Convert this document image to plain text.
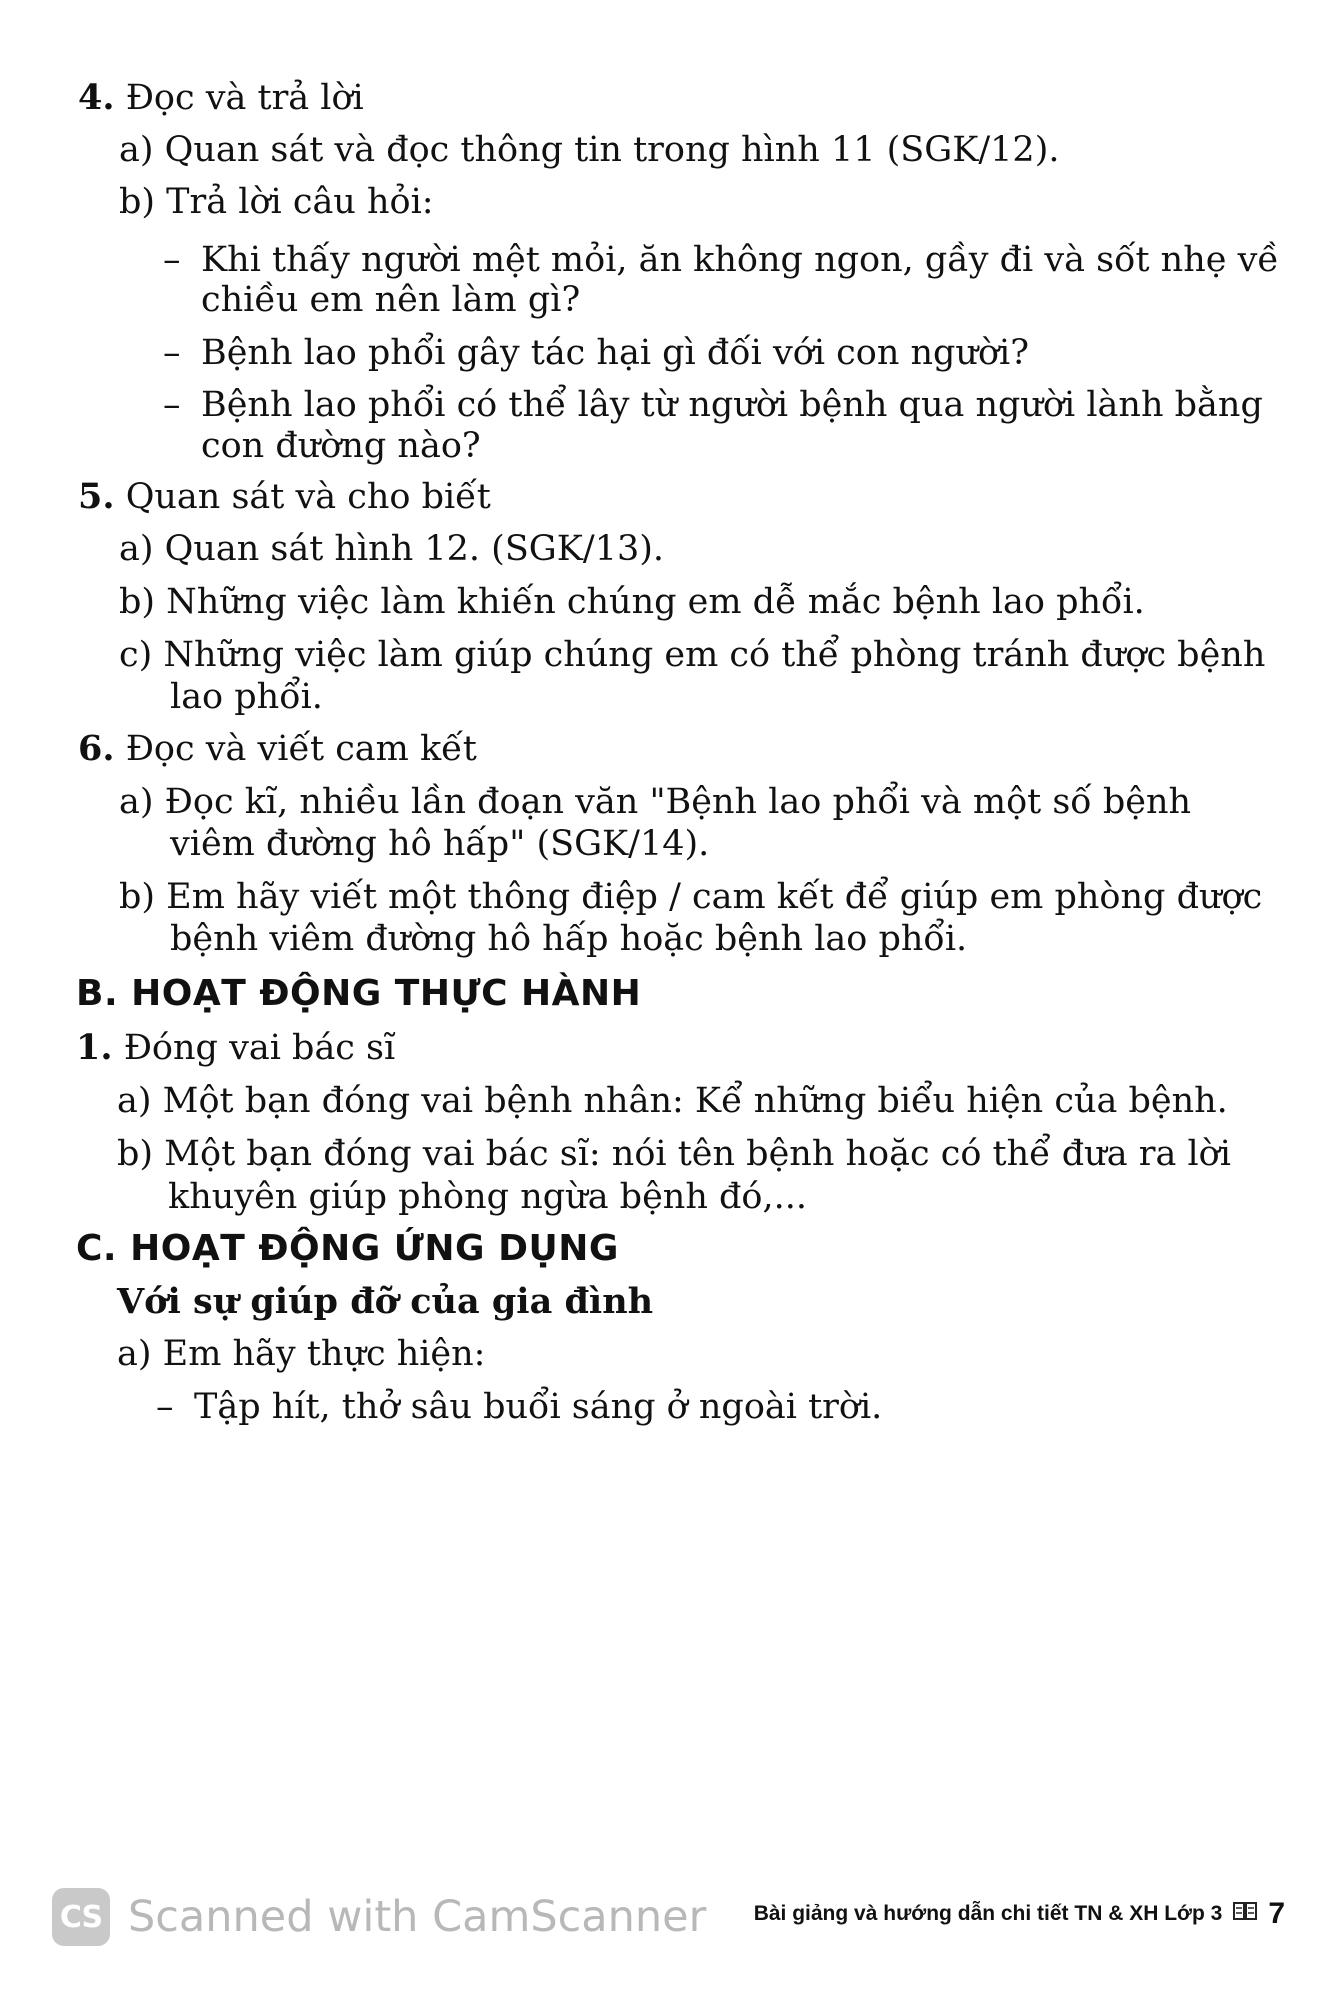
4. Đọc và trả lời
a) Quan sát và đọc thông tin trong hình 11 (SGK/12).
b) Trả lời câu hỏi:
– Khi thấy người mệt mỏi, ăn không ngon, gầy đi và sốt nhẹ về
chiều em nên làm gì?
– Bệnh lao phổi gây tác hại gì đối với con người?
– Bệnh lao phổi có thể lây từ người bệnh qua người lành bằng
con đường nào?
5. Quan sát và cho biết
a) Quan sát hình 12. (SGK/13).
b) Những việc làm khiến chúng em dễ mắc bệnh lao phổi.
c) Những việc làm giúp chúng em có thể phòng tránh được bệnh
lao phổi.
6. Đọc và viết cam kết
a) Đọc kĩ, nhiều lần đoạn văn "Bệnh lao phổi và một số bệnh
viêm đường hô hấp" (SGK/14).
b) Em hãy viết một thông điệp / cam kết để giúp em phòng được
bệnh viêm đường hô hấp hoặc bệnh lao phổi.
B. HOẠT ĐỘNG THỰC HÀNH
1. Đóng vai bác sĩ
a) Một bạn đóng vai bệnh nhân: Kể những biểu hiện của bệnh.
b) Một bạn đóng vai bác sĩ: nói tên bệnh hoặc có thể đưa ra lời
khuyên giúp phòng ngừa bệnh đó,...
C. HOẠT ĐỘNG ỨNG DỤNG
Với sự giúp đỡ của gia đình
a) Em hãy thực hiện:
– Tập hít, thở sâu buổi sáng ở ngoài trời.
CS Scanned with CamScanner Bài giảng và hướng dẫn chi tiết TN & XH Lớp 3 7
